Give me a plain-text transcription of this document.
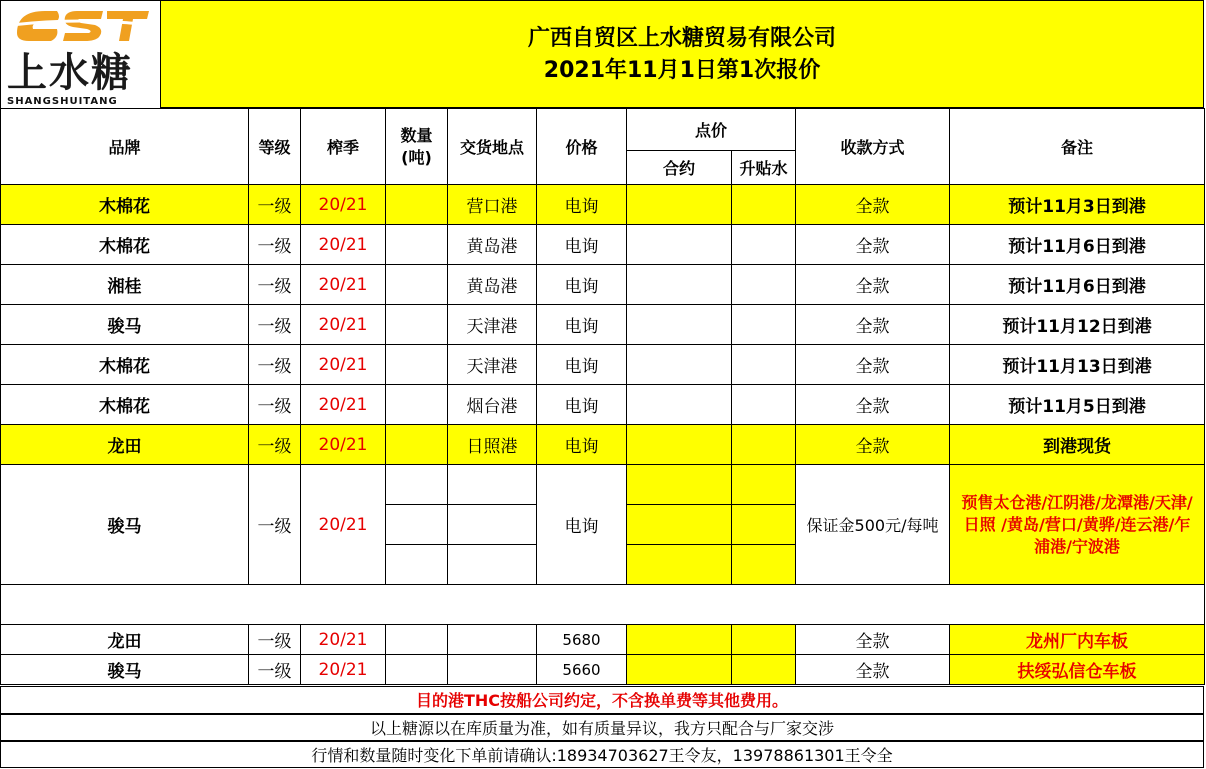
上水糖
SHANGSHUITANG
广西自贸区上水糖贸易有限公司
2021年11月1日第1次报价
品牌	等级	榨季	数量 (吨)	交货地点	价格	点价		收款方式	备注
						合约	升贴水		
木棉花	一级	20/21		营口港	电询			全款	预计11月3日到港
木棉花	一级	20/21		黄岛港	电询			全款	预计11月6日到港
湘桂	一级	20/21		黄岛港	电询			全款	预计11月6日到港
骏马	一级	20/21		天津港	电询			全款	预计11月12日到港
木棉花	一级	20/21		天津港	电询			全款	预计11月13日到港
木棉花	一级	20/21		烟台港	电询			全款	预计11月5日到港
龙田	一级	20/21		日照港	电询			全款	到港现货
骏马	一级	20/21			电询			保证金500元/每吨	预售太仓港/江阴港/龙潭港/天津/日照 /黄岛/营口/黄骅/连云港/乍浦港/宁波港

龙田	一级	20/21			5680			全款	龙州厂内车板
骏马	一级	20/21			5660			全款	扶绥弘信仓车板
目的港THC按船公司约定，不含换单费等其他费用。
以上糖源以在库质量为准，如有质量异议，我方只配合与厂家交涉
行情和数量随时变化下单前请确认:18934703627王令友，13978861301王令全
